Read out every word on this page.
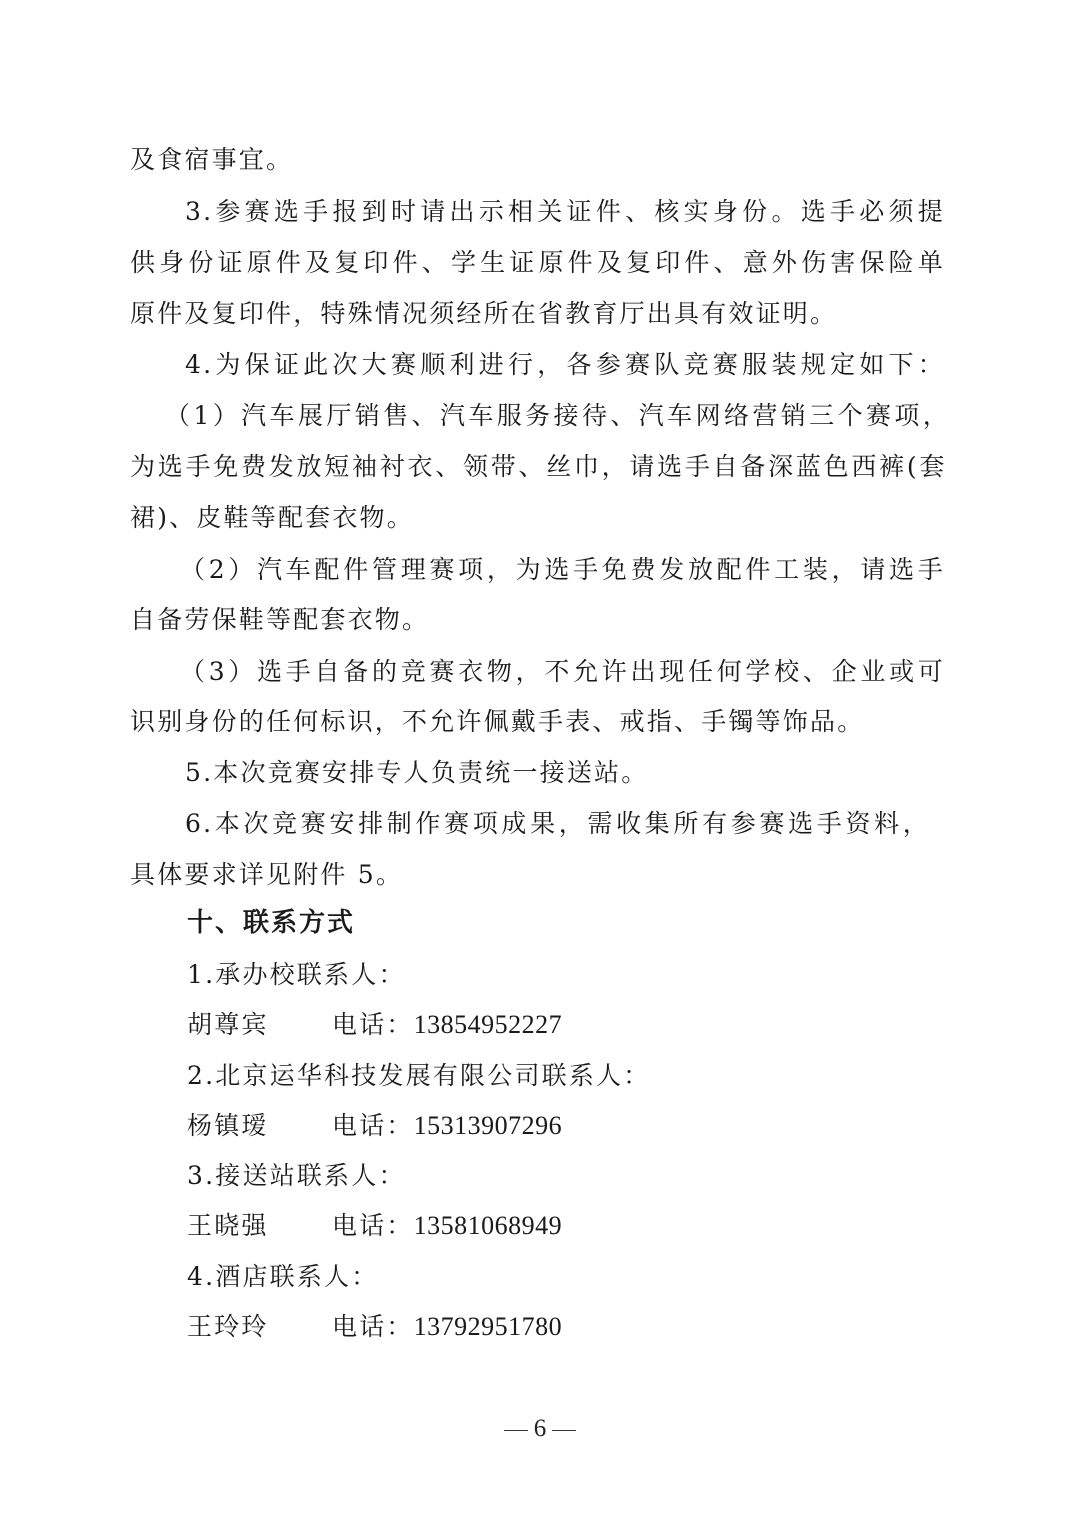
及食宿事宜。
3.参赛选手报到时请出示相关证件、核实身份。选手必须提
供身份证原件及复印件、学生证原件及复印件、意外伤害保险单
原件及复印件，特殊情况须经所在省教育厅出具有效证明。
4.为保证此次大赛顺利进行，各参赛队竞赛服装规定如下：
（1）汽车展厅销售、汽车服务接待、汽车网络营销三个赛项，
为选手免费发放短袖衬衣、领带、丝巾，请选手自备深蓝色西裤(套
裙)、皮鞋等配套衣物。
（2）汽车配件管理赛项，为选手免费发放配件工装，请选手
自备劳保鞋等配套衣物。
（3）选手自备的竞赛衣物，不允许出现任何学校、企业或可
识别身份的任何标识，不允许佩戴手表、戒指、手镯等饰品。
5.本次竞赛安排专人负责统一接送站。
6.本次竞赛安排制作赛项成果，需收集所有参赛选手资料，
具体要求详见附件 5。
十、联系方式
1.承办校联系人：
胡尊宾	电话：13854952227
2.北京运华科技发展有限公司联系人：
杨镇瑷	电话：15313907296
3.接送站联系人：
王晓强	电话：13581068949
4.酒店联系人：
王玲玲	电话：13792951780
6
